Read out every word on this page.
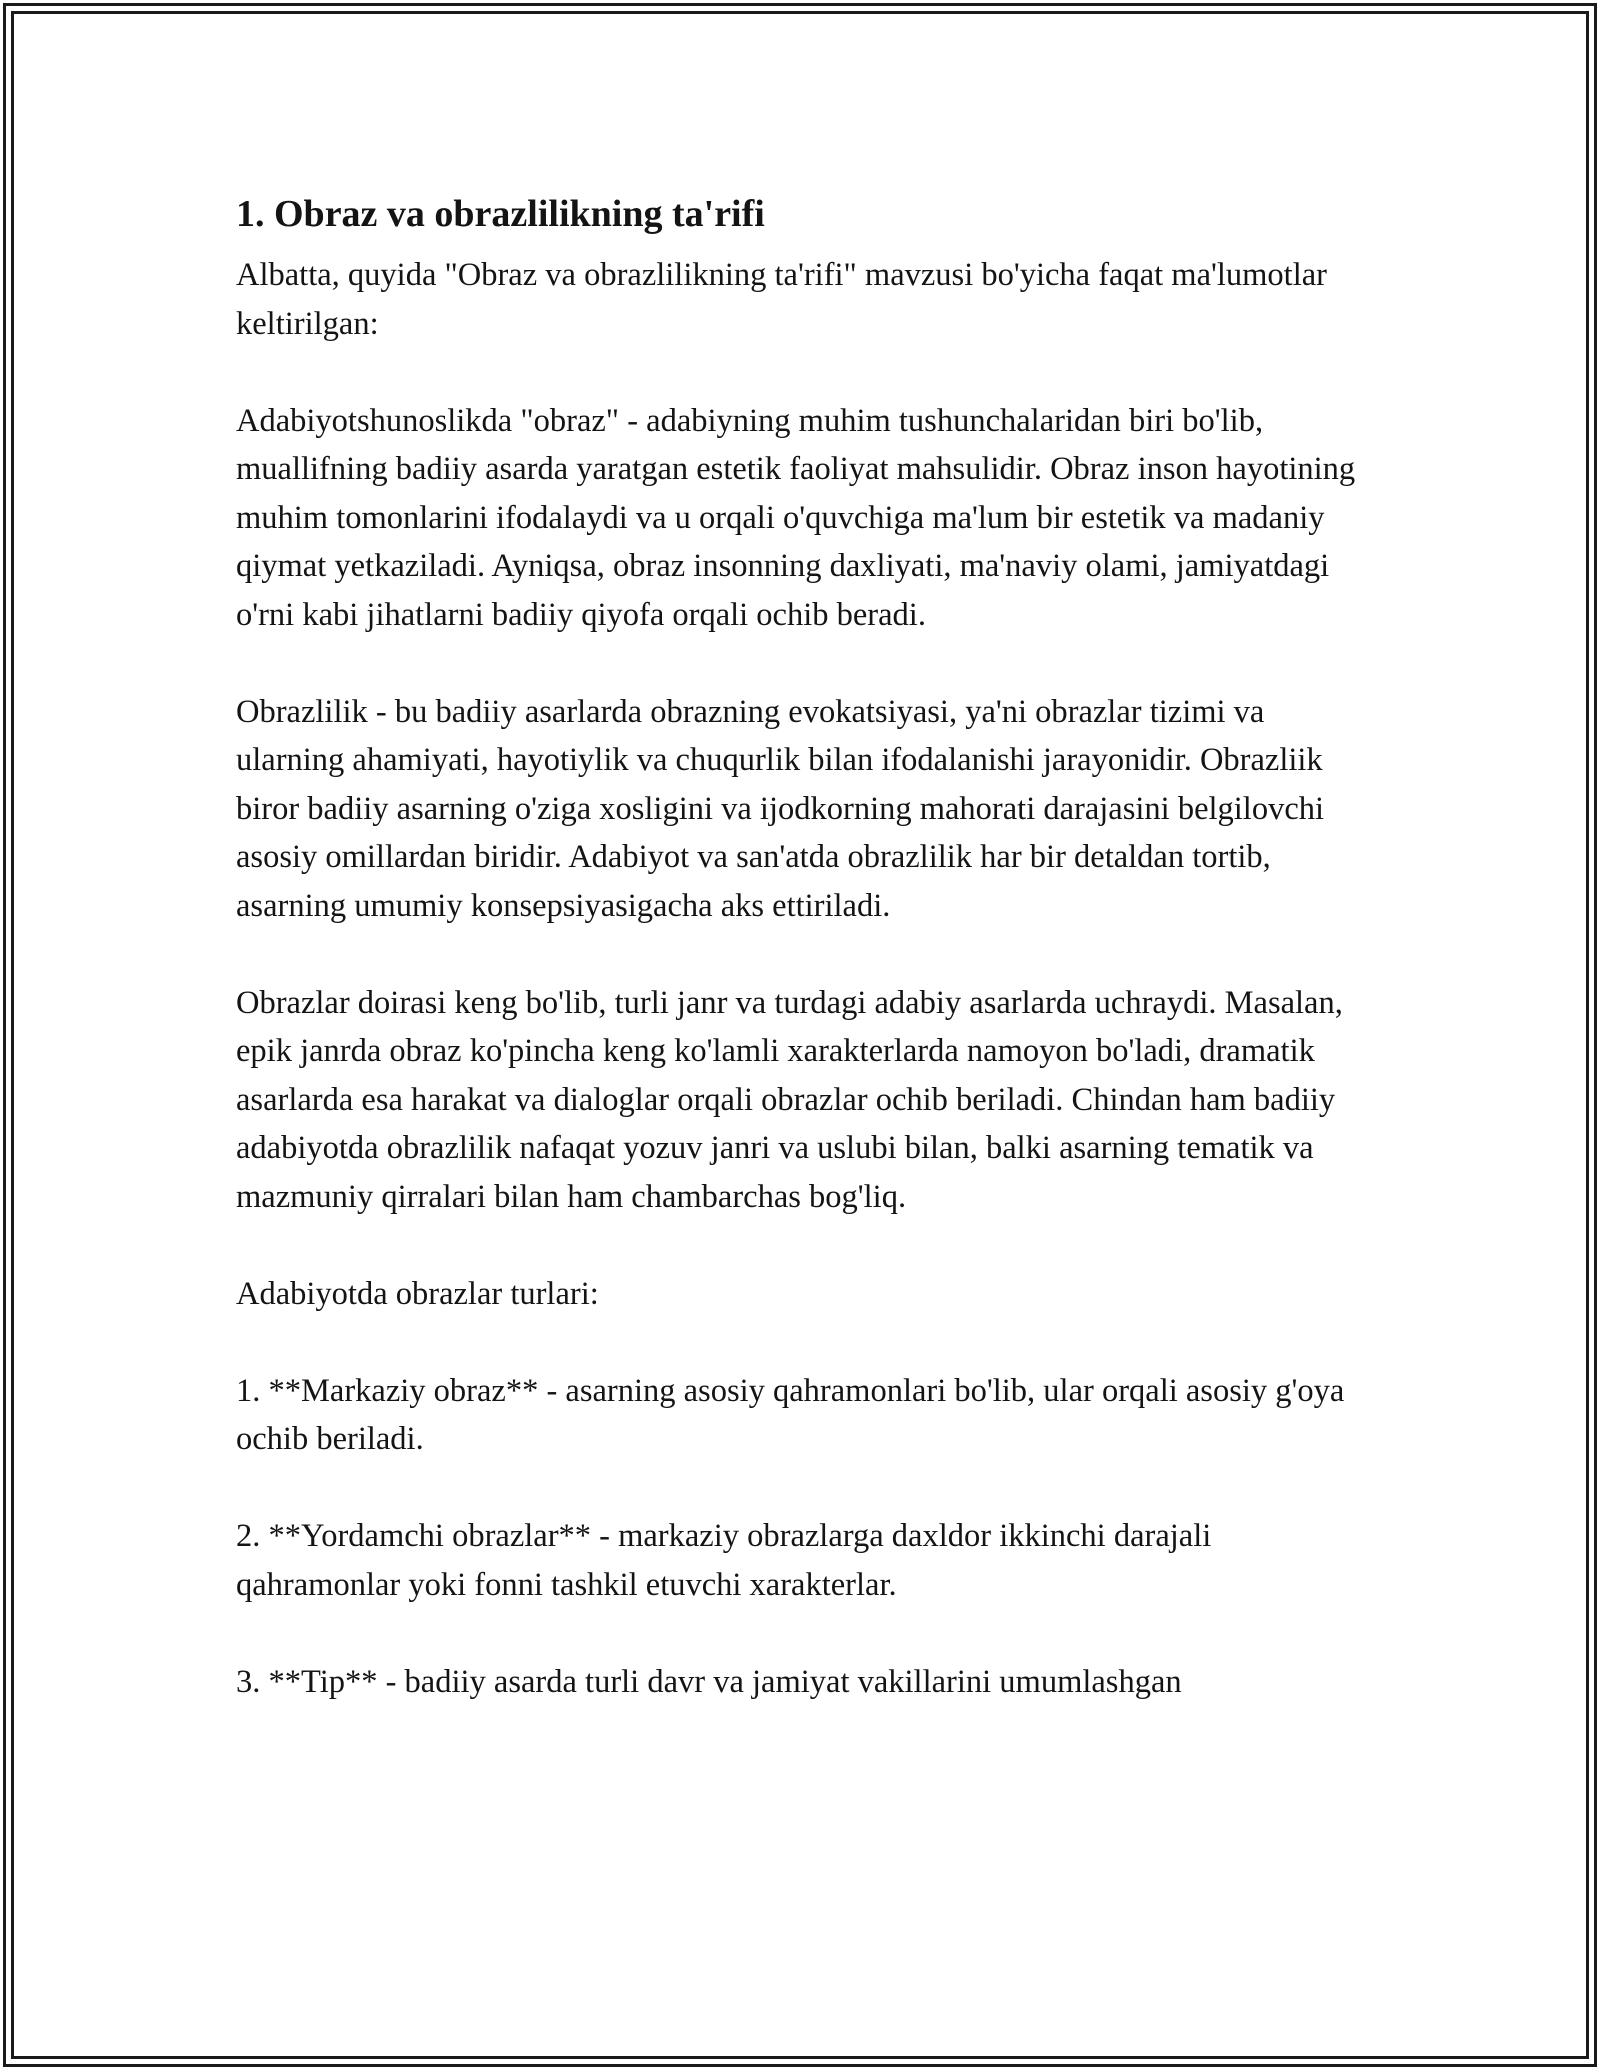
1. Obraz va obrazlilikning ta'rifi

Albatta, quyida "Obraz va obrazlilikning ta'rifi" mavzusi bo'yicha faqat ma'lumotlar keltirilgan:

Adabiyotshunoslikda "obraz" - adabiyning muhim tushunchalaridan biri bo'lib, muallifning badiiy asarda yaratgan estetik faoliyat mahsulidir. Obraz inson hayotining muhim tomonlarini ifodalaydi va u orqali o'quvchiga ma'lum bir estetik va madaniy qiymat yetkaziladi. Ayniqsa, obraz insonning daxliyati, ma'naviy olami, jamiyatdagi o'rni kabi jihatlarni badiiy qiyofa orqali ochib beradi.

Obrazlilik - bu badiiy asarlarda obrazning evokatsiyasi, ya'ni obrazlar tizimi va ularning ahamiyati, hayotiylik va chuqurlik bilan ifodalanishi jarayonidir. Obrazliik biror badiiy asarning o'ziga xosligini va ijodkorning mahorati darajasini belgilovchi asosiy omillardan biridir. Adabiyot va san'atda obrazlilik har bir detaldan tortib, asarning umumiy konsepsiyasigacha aks ettiriladi.

Obrazlar doirasi keng bo'lib, turli janr va turdagi adabiy asarlarda uchraydi. Masalan, epik janrda obraz ko'pincha keng ko'lamli xarakterlarda namoyon bo'ladi, dramatik asarlarda esa harakat va dialoglar orqali obrazlar ochib beriladi. Chindan ham badiiy adabiyotda obrazlilik nafaqat yozuv janri va uslubi bilan, balki asarning tematik va mazmuniy qirralari bilan ham chambarchas bog'liq.

Adabiyotda obrazlar turlari:

1. **Markaziy obraz** - asarning asosiy qahramonlari bo'lib, ular orqali asosiy g'oya ochib beriladi.

2. **Yordamchi obrazlar** - markaziy obrazlarga daxldor ikkinchi darajali qahramonlar yoki fonni tashkil etuvchi xarakterlar.

3. **Tip** - badiiy asarda turli davr va jamiyat vakillarini umumlashgan
